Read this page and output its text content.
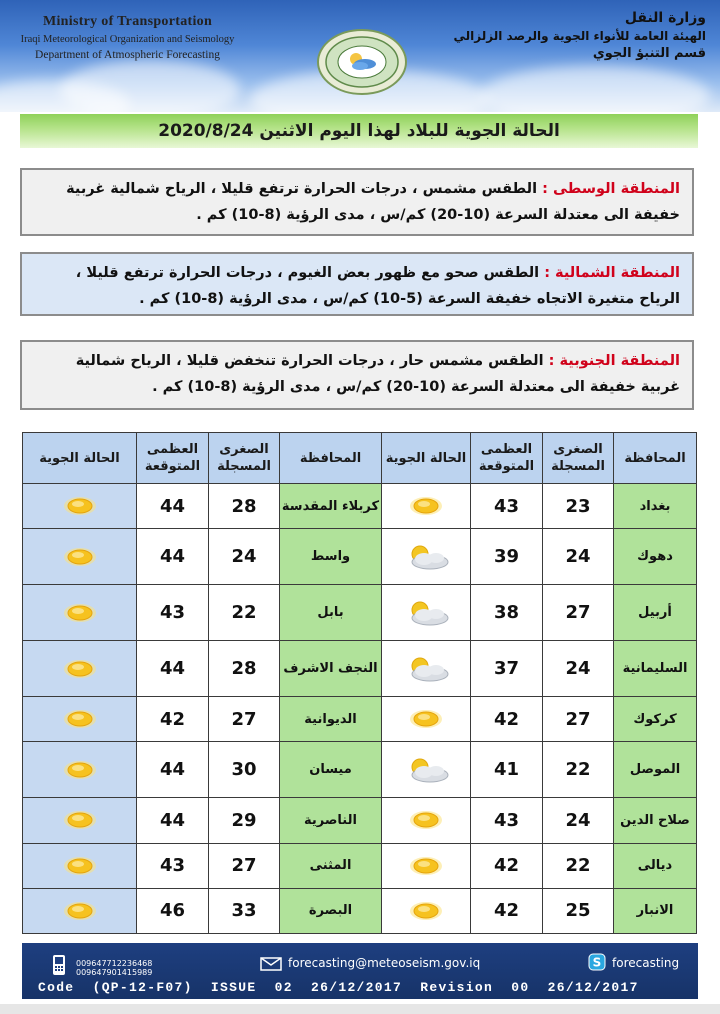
Ministry of Transportation
Iraqi Meteorological Organization and Seismology
Department of Atmospheric Forecasting
وزارة النقل
الهيئة العامة للأنواء الجوية والرصد الزلزالي
قسم التنبؤ الجوي
الحالة الجوية للبلاد لهذا اليوم الاثنين 2020/8/24
المنطقة الوسطى : الطقس مشمس ، درجات الحرارة ترتفع قليلا ، الرياح شمالية غربية خفيفة الى معتدلة السرعة (10-20) كم/س ، مدى الرؤية (8-10) كم .
المنطقة الشمالية : الطقس صحو مع ظهور بعض الغيوم ، درجات الحرارة ترتفع قليلا ، الرياح متغيرة الاتجاه خفيفة السرعة (5-10) كم/س ، مدى الرؤية (8-10) كم .
المنطقة الجنوبية : الطقس مشمس حار ، درجات الحرارة تنخفض قليلا ، الرياح شمالية غربية خفيفة الى معتدلة السرعة (10-20) كم/س ، مدى الرؤية (8-10) كم .
المحافظة	الصغرى المسجلة	العظمى المتوقعة	الحالة الجوية	المحافظة	الصغرى المسجلة	العظمى المتوقعة	الحالة الجوية
بغداد	23	43		كربلاء المقدسة	28	44	

دهوك	24	39		واسط	24	44	

أربيل	27	38		بابل	22	43	

السليمانية	24	37		النجف الاشرف	28	44	

كركوك	27	42		الديوانية	27	42	

الموصل	22	41		ميسان	30	44	

صلاح الدين	24	43		الناصرية	29	44	

ديالى	22	42		المثنى	27	43	

الانبار	25	42		البصرة	33	46	
009647712236468
009647901415989
forecasting@meteoseism.gov.iq	S forecasting
Code  (QP-12-F07)  ISSUE  02  26/12/2017  Revision  00  26/12/2017
